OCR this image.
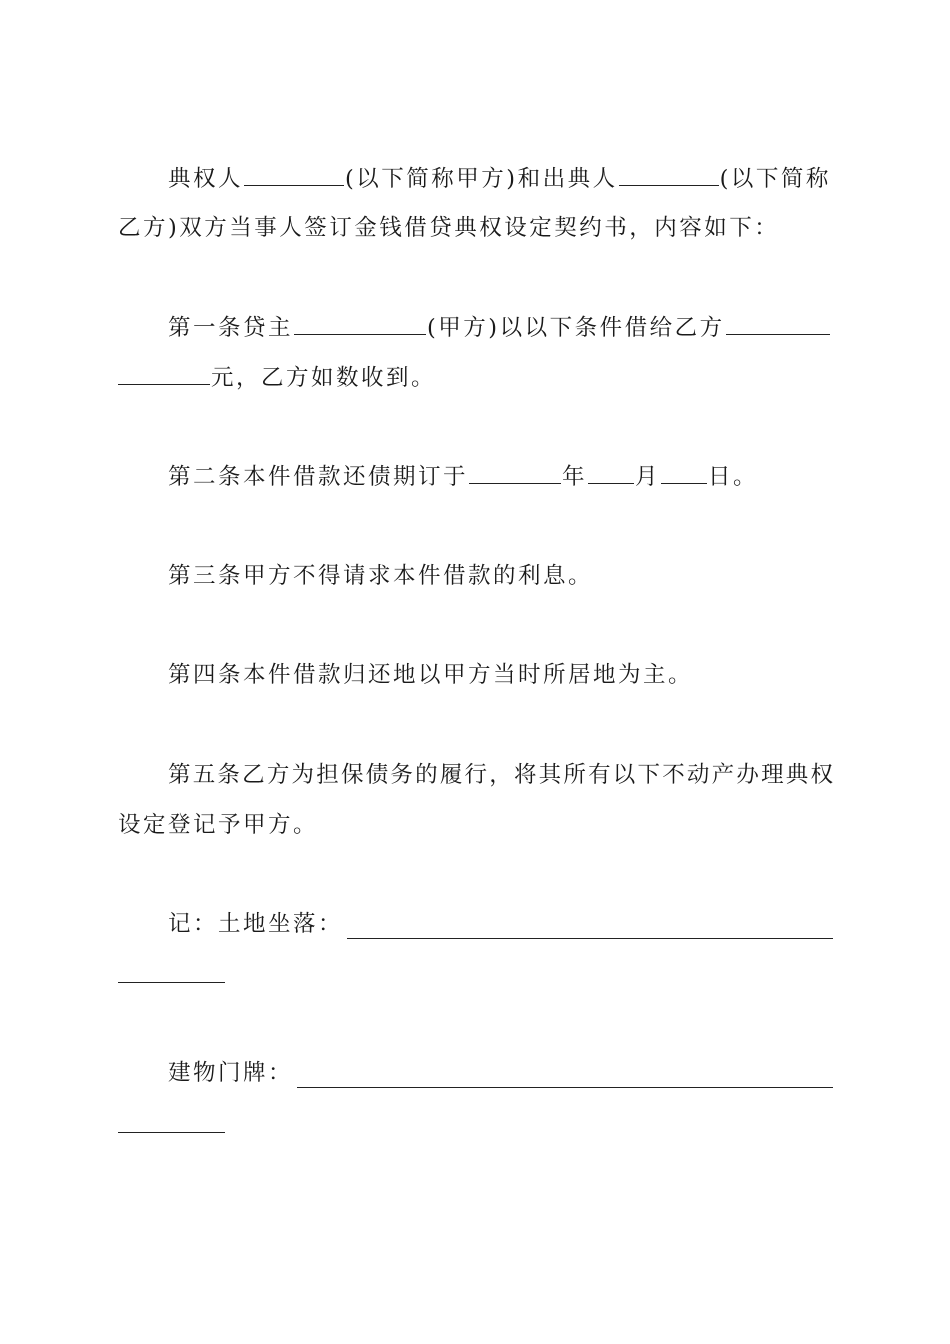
典权人	(以下简称甲方)和出典人	(以下简称
乙方)双方当事人签订金钱借贷典权设定契约书，内容如下：
第一条贷主	(甲方)以以下条件借给乙方
元，乙方如数收到。
第二条本件借款还债期订于	年 月 日。
第三条甲方不得请求本件借款的利息。
第四条本件借款归还地以甲方当时所居地为主。
第五条乙方为担保债务的履行，将其所有以下不动产办理典权
设定登记予甲方。
记：土地坐落：
建物门牌：
